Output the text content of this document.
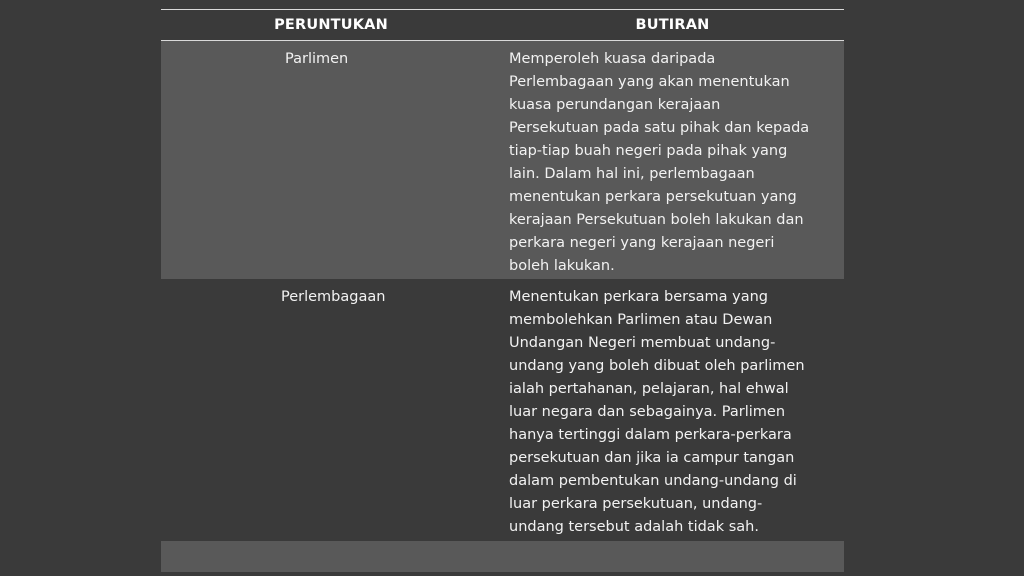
PERUNTUKAN	BUTIRAN
Parlimen	Memperoleh kuasa daripada
Perlembagaan yang akan menentukan
kuasa perundangan kerajaan
Persekutuan pada satu pihak dan kepada
tiap-tiap buah negeri pada pihak yang
lain. Dalam hal ini, perlembagaan
menentukan perkara persekutuan yang
kerajaan Persekutuan boleh lakukan dan
perkara negeri yang kerajaan negeri
boleh lakukan.
Perlembagaan	Menentukan perkara bersama yang
membolehkan Parlimen atau Dewan
Undangan Negeri membuat undang-
undang yang boleh dibuat oleh parlimen
ialah pertahanan, pelajaran, hal ehwal
luar negara dan sebagainya. Parlimen
hanya tertinggi dalam perkara-perkara
persekutuan dan jika ia campur tangan
dalam pembentukan undang-undang di
luar perkara persekutuan, undang-
undang tersebut adalah tidak sah.
